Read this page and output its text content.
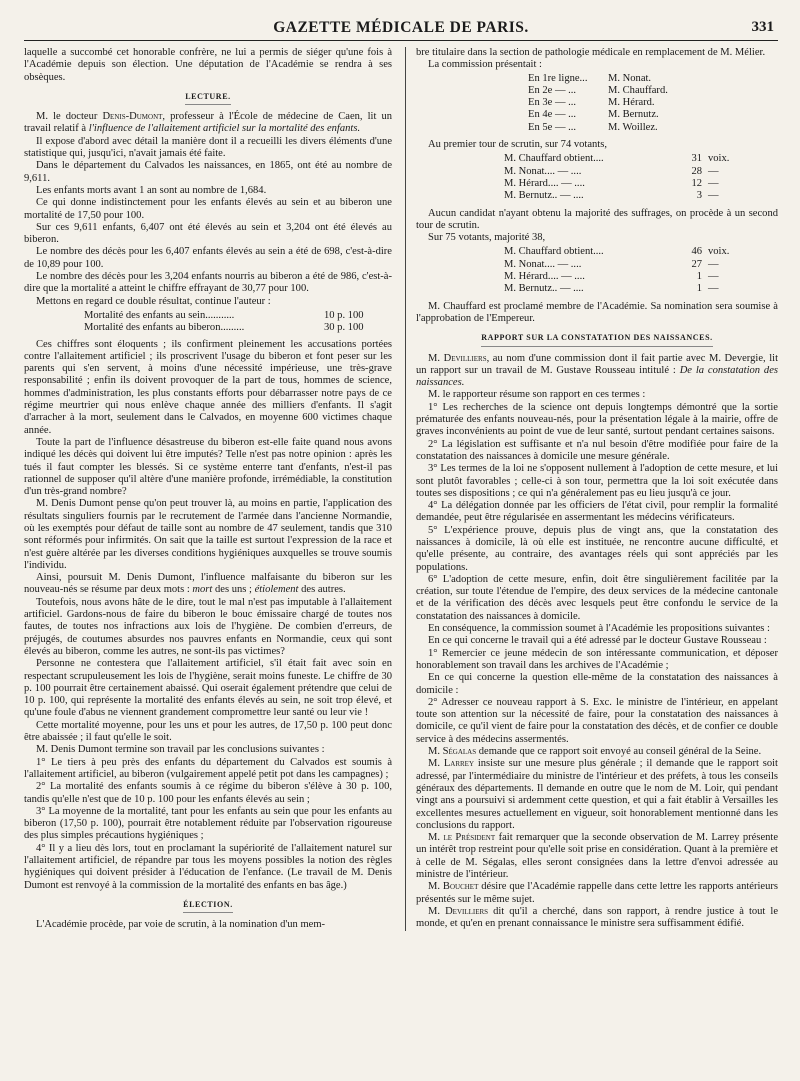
GAZETTE MÉDICALE DE PARIS.	331

laquelle a succombé cet honorable confrère, ne lui a permis de siéger qu'une fois à l'Académie depuis son élection. Une députation de l'Académie se rendra à ses obsèques.

LECTURE.

M. le docteur Denis-Dumont, professeur à l'École de médecine de Caen, lit un travail relatif à l'influence de l'allaitement artificiel sur la mortalité des enfants.

Il expose d'abord avec détail la manière dont il a recueilli les divers éléments d'une statistique qui, jusqu'ici, n'avait jamais été faite.

Dans le département du Calvados les naissances, en 1865, ont été au nombre de 9,611.

Les enfants morts avant 1 an sont au nombre de 1,684.

Ce qui donne indistinctement pour les enfants élevés au sein et au biberon une mortalité de 17,50 pour 100.

Sur ces 9,611 enfants, 6,407 ont été élevés au sein et 3,204 ont été élevés au biberon.

Le nombre des décès pour les 6,407 enfants élevés au sein a été de 698, c'est-à-dire de 10,89 pour 100.

Le nombre des décès pour les 3,204 enfants nourris au biberon a été de 986, c'est-à-dire que la mortalité a atteint le chiffre effrayant de 30,77 pour 100.

Mettons en regard ce double résultat, continue l'auteur :

Mortalité des enfants au sein...........	10 p. 100
Mortalité des enfants au biberon.........	30 p. 100

Ces chiffres sont éloquents ; ils confirment pleinement les accusations portées contre l'allaitement artificiel ; ils proscrivent l'usage du biberon et font peser sur les parents qui s'en servent, à moins d'une nécessité impérieuse, une très-grave responsabilité ; enfin ils doivent provoquer de la part de tous, hommes de science, hommes d'administration, les plus constants efforts pour débarrasser notre pays de ce régime meurtrier qui nous enlève chaque année des milliers d'enfants. Il s'agit d'arracher à la mort, seulement dans le Calvados, en moyenne 600 victimes chaque année.

Toute la part de l'influence désastreuse du biberon est-elle faite quand nous avons indiqué les décès qui doivent lui être imputés? Telle n'est pas notre opinion : après les tués il faut compter les blessés. Si ce système enterre tant d'enfants, n'est-il pas rationnel de supposer qu'il altère d'une manière profonde, irrémédiable, la constitution d'un très-grand nombre?

M. Denis Dumont pense qu'on peut trouver là, au moins en partie, l'application des résultats singuliers fournis par le recrutement de l'armée dans l'ancienne Normandie, où les exemptés pour défaut de taille sont au nombre de 47 seulement, tandis que 310 sont réformés pour infirmités. On sait que la taille est surtout l'expression de la race et n'est guère altérée par les diverses conditions hygiéniques auxquelles se trouve soumis l'individu.

Ainsi, poursuit M. Denis Dumont, l'influence malfaisante du biberon sur les nouveau-nés se résume par deux mots : mort des uns ; étiolement des autres.

Toutefois, nous avons hâte de le dire, tout le mal n'est pas imputable à l'allaitement artificiel. Gardons-nous de faire du biberon le bouc émissaire chargé de toutes nos fautes, de toutes nos infractions aux lois de l'hygiène. De combien d'erreurs, de préjugés, de coutumes absurdes nos pauvres enfants en Normandie, ceux qui sont élevés au biberon, comme les autres, ne sont-ils pas victimes?

Personne ne contestera que l'allaitement artificiel, s'il était fait avec soin en respectant scrupuleusement les lois de l'hygiène, serait moins funeste. Le chiffre de 30 p. 100 pourrait être certainement abaissé. Qui oserait également prétendre que celui de 10 p. 100, qui représente la mortalité des enfants élevés au sein, ne soit trop élevé, et qu'une foule d'abus ne viennent grandement compromettre leur santé ou leur vie !

Cette mortalité moyenne, pour les uns et pour les autres, de 17,50 p. 100 peut donc être abaissée ; il faut qu'elle le soit.

M. Denis Dumont termine son travail par les conclusions suivantes :

1° Le tiers à peu près des enfants du département du Calvados est soumis à l'allaitement artificiel, au biberon (vulgairement appelé petit pot dans les campagnes) ;

2° La mortalité des enfants soumis à ce régime du biberon s'élève à 30 p. 100, tandis qu'elle n'est que de 10 p. 100 pour les enfants élevés au sein ;

3° La moyenne de la mortalité, tant pour les enfants au sein que pour les enfants au biberon (17,50 p. 100), pourrait être notablement réduite par l'observation rigoureuse des plus simples précautions hygiéniques ;

4° Il y a lieu dès lors, tout en proclamant la supériorité de l'allaitement naturel sur l'allaitement artificiel, de répandre par tous les moyens possibles la notion des règles hygiéniques qui doivent présider à l'éducation de l'enfance. (Le travail de M. Denis Dumont est renvoyé à la commission de la mortalité des enfants en bas âge.)

ÉLECTION.

L'Académie procède, par voie de scrutin, à la nomination d'un mem-

bre titulaire dans la section de pathologie médicale en remplacement de M. Mélier.

La commission présentait :

En 1re ligne...	M. Nonat.
En 2e — ...	M. Chauffard.
En 3e — ...	M. Hérard.
En 4e — ...	M. Bernutz.
En 5e — ...	M. Woillez.

Au premier tour de scrutin, sur 74 votants,

M. Chauffard obtient....	31 voix.
M. Nonat.... — ....	28 —
M. Hérard.... — ....	12 —
M. Bernutz.. — ....	3 —

Aucun candidat n'ayant obtenu la majorité des suffrages, on procède à un second tour de scrutin.

Sur 75 votants, majorité 38,

M. Chauffard obtient....	46 voix.
M. Nonat.... — ....	27 —
M. Hérard.... — ....	1 —
M. Bernutz.. — ....	1 —

M. Chauffard est proclamé membre de l'Académie. Sa nomination sera soumise à l'approbation de l'Empereur.

RAPPORT SUR LA CONSTATATION DES NAISSANCES.

M. Devilliers, au nom d'une commission dont il fait partie avec M. Devergie, lit un rapport sur un travail de M. Gustave Rousseau intitulé : De la constatation des naissances.

M. le rapporteur résume son rapport en ces termes :

1° Les recherches de la science ont depuis longtemps démontré que la sortie prématurée des enfants nouveau-nés, pour la présentation légale à la mairie, offre de graves inconvénients au point de vue de leur santé, surtout pendant certaines saisons.

2° La législation est suffisante et n'a nul besoin d'être modifiée pour faire de la constatation des naissances à domicile une mesure générale.

3° Les termes de la loi ne s'opposent nullement à l'adoption de cette mesure, et lui sont plutôt favorables ; celle-ci à son tour, permettra que la loi soit exécutée dans toutes ses dispositions ; ce qui n'a généralement pas eu lieu jusqu'à ce jour.

4° La délégation donnée par les officiers de l'état civil, pour remplir la formalité demandée, peut être régularisée en assermentant les médecins vérificateurs.

5° L'expérience prouve, depuis plus de vingt ans, que la constatation des naissances à domicile, là où elle est instituée, ne rencontre aucune difficulté, et qu'elle présente, au contraire, des avantages réels qui sont appréciés par les populations.

6° L'adoption de cette mesure, enfin, doit être singulièrement facilitée par la création, sur toute l'étendue de l'empire, des deux services de la médecine cantonale et de la vérification des décès avec lesquels peut être confondu le service de la constatation des naissances à domicile.

En conséquence, la commission soumet à l'Académie les propositions suivantes :

En ce qui concerne le travail qui a été adressé par le docteur Gustave Rousseau :

1° Remercier ce jeune médecin de son intéressante communication, et déposer honorablement son travail dans les archives de l'Académie ;

En ce qui concerne la question elle-même de la constatation des naissances à domicile :

2° Adresser ce nouveau rapport à S. Exc. le ministre de l'intérieur, en appelant toute son attention sur la nécessité de faire, pour la constatation des naissances à domicile, ce qu'il vient de faire pour la constatation des décès, et de confier ce double service à des médecins assermentés.

M. Ségalas demande que ce rapport soit envoyé au conseil général de la Seine.

M. Larrey insiste sur une mesure plus générale ; il demande que le rapport soit adressé, par l'intermédiaire du ministre de l'intérieur et des préfets, à tous les conseils généraux des départements. Il demande en outre que le nom de M. Loir, qui pendant vingt ans a poursuivi si ardemment cette question, et qui a fait établir à Versailles les excellentes mesures actuellement en vigueur, soit honorablement mentionné dans les conclusions du rapport.

M. le Président fait remarquer que la seconde observation de M. Larrey présente un intérêt trop restreint pour qu'elle soit prise en considération. Quant à la première et à celle de M. Ségalas, elles seront consignées dans la lettre d'envoi adressée au ministre de l'intérieur.

M. Bouchet désire que l'Académie rappelle dans cette lettre les rapports antérieurs présentés sur le même sujet.

M. Devilliers dit qu'il a cherché, dans son rapport, à rendre justice à tout le monde, et qu'en en prenant connaissance le ministre sera suffisamment édifié.
